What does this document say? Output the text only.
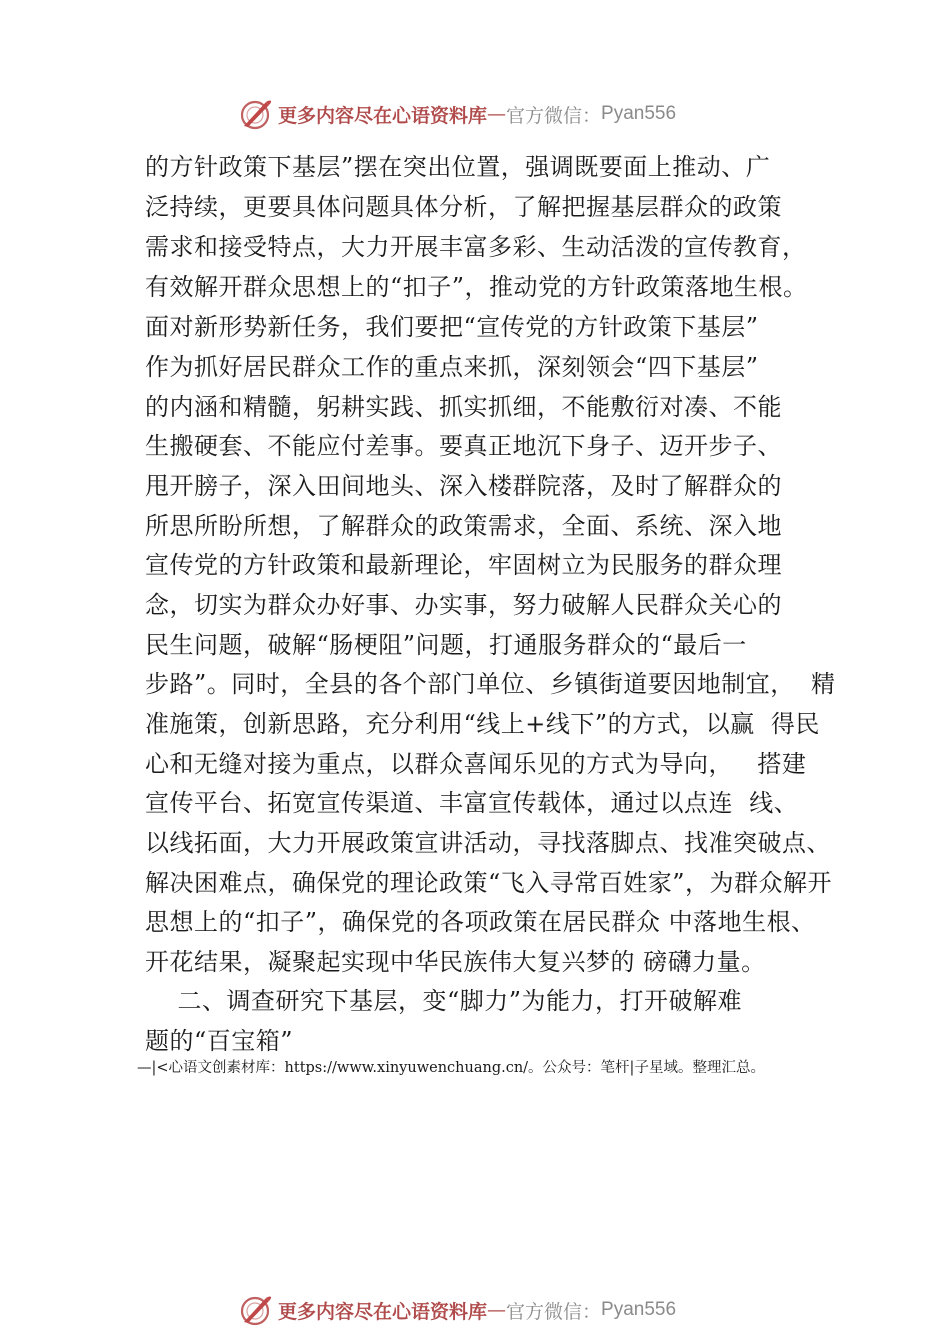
更多内容尽在心语资料库 — 官方微信： Pyan556
的方针政策下基层”摆在突出位置，强调既要面上推动、广
泛持续，更要具体问题具体分析，了解把握基层群众的政策
需求和接受特点，大力开展丰富多彩、生动活泼的宣传教育，
有效解开群众思想上的“扣子”，推动党的方针政策落地生根。
面对新形势新任务，我们要把“宣传党的方针政策下基层”
作为抓好居民群众工作的重点来抓，深刻领会“四下基层”
的内涵和精髓，躬耕实践、抓实抓细，不能敷衍对凑、不能
生搬硬套、不能应付差事。要真正地沉下身子、迈开步子、
甩开膀子，深入田间地头、深入楼群院落，及时了解群众的
所思所盼所想，了解群众的政策需求，全面、系统、深入地
宣传党的方针政策和最新理论，牢固树立为民服务的群众理
念，切实为群众办好事、办实事，努力破解人民群众关心的
民生问题，破解“肠梗阻”问题，打通服务群众的“最后一
步路”。同时，全县的各个部门单位、乡镇街道要因地制宜，  精
准施策，创新思路，充分利用“线上+线下”的方式，以赢  得民
心和无缝对接为重点，以群众喜闻乐见的方式为导向，   搭建
宣传平台、拓宽宣传渠道、丰富宣传载体，通过以点连  线、
以线拓面，大力开展政策宣讲活动，寻找落脚点、找准突破点、
解决困难点，确保党的理论政策“飞入寻常百姓家”，为群众解开
思想上的“扣子”，确保党的各项政策在居民群众 中落地生根、
开花结果，凝聚起实现中华民族伟大复兴梦的 磅礴力量。
二、调查研究下基层，变“脚力”为能力，打开破解难
题的“百宝箱”
—|<心语文创素材库：https://www.xinyuwenchuang.cn/。公众号：笔杆|子星域。整理汇总。
更多内容尽在心语资料库 — 官方微信： Pyan556
